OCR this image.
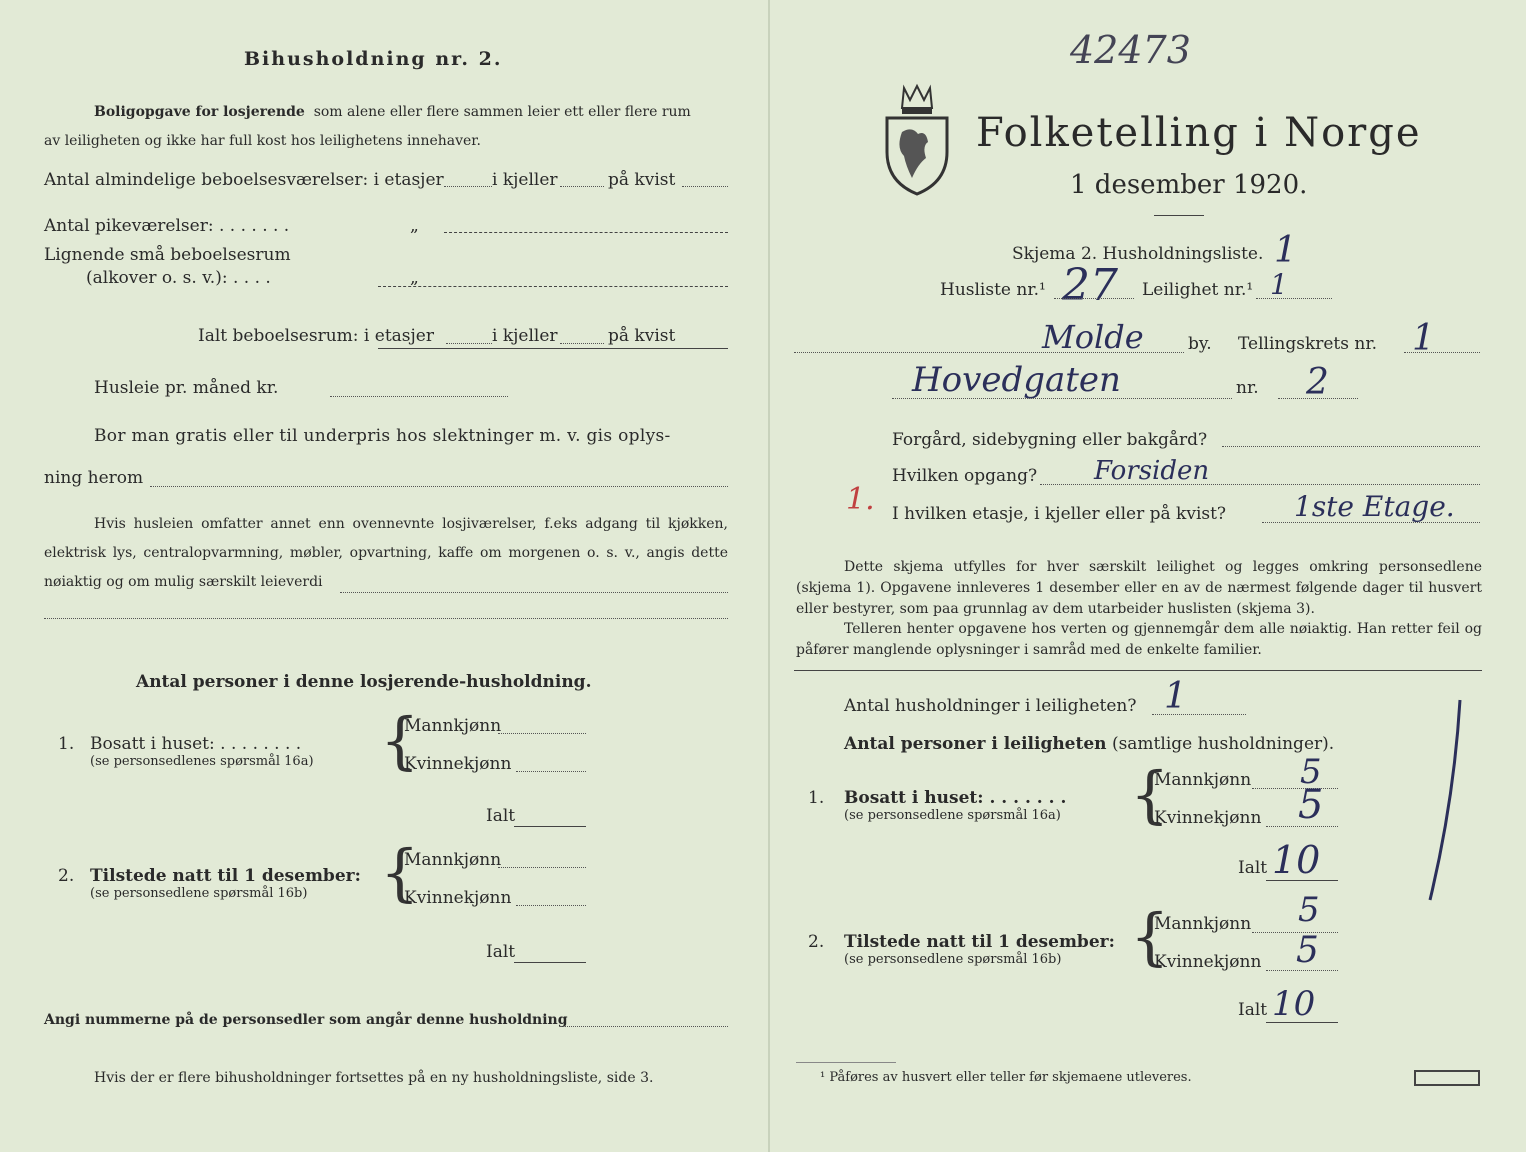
Bihusholdning nr. 2.
Boligopgave for losjerende som alene eller flere sammen leier ett eller flere rum
av leiligheten og ikke har full kost hos leilighetens innehaver.
Antal almindelige beboelsesværelser: i etasjer	i kjeller	på kvist
Antal pikeværelser: . . . . . . .	„
Lignende små beboelsesrum
(alkover o. s. v.): . . . .	„
Ialt beboelsesrum: i etasjer	i kjeller	på kvist
Husleie pr. måned kr.
Bor man gratis eller til underpris hos slektninger m. v. gis oplys-
ning herom
Hvis husleien omfatter annet enn ovennevnte losjiværelser, f.eks adgang til kjøkken, elektrisk lys, centralopvarmning, møbler, opvartning, kaffe om morgenen o. s. v., angis dette nøiaktig og om mulig særskilt leieverdi
Antal personer i denne losjerende-husholdning.
1. Bosatt i huset: . . . . . . . .
(se personsedlenes spørsmål 16a) {
Mannkjønn
Kvinnekjønn
Ialt
2. Tilstede natt til 1 desember:
(se personsedlene spørsmål 16b) {
Mannkjønn
Kvinnekjønn
Ialt
Angi nummerne på de personsedler som angår denne husholdning
Hvis der er flere bihusholdninger fortsettes på en ny husholdningsliste, side 3.
42473
Folketelling i Norge
1 desember 1920.
Skjema 2. Husholdningsliste. 1
Husliste nr.¹ 27 Leilighet nr.¹ 1
Molde	by. Tellingskrets nr. 1
Hovedgaten	nr. 2
Forgård, sidebygning eller bakgård?
Hvilken opgang? Forsiden
1. I hvilken etasje, i kjeller eller på kvist? 1ste Etage.
Dette skjema utfylles for hver særskilt leilighet og legges omkring personsedlene (skjema 1). Opgavene innleveres 1 desember eller en av de nærmest følgende dager til husvert eller bestyrer, som paa grunnlag av dem utarbeider huslisten (skjema 3).
Telleren henter opgavene hos verten og gjennemgår dem alle nøiaktig. Han retter feil og påfører manglende oplysninger i samråd med de enkelte familier.
Antal husholdninger i leiligheten? 1
Antal personer i leiligheten (samtlige husholdninger).
1. Bosatt i huset: . . . . . . .
(se personsedlene spørsmål 16a) {
Mannkjønn 5
Kvinnekjønn 5
Ialt 10
2. Tilstede natt til 1 desember:
(se personsedlene spørsmål 16b) {
Mannkjønn 5
Kvinnekjønn 5
Ialt 10
¹ Påføres av husvert eller teller før skjemaene utleveres.
